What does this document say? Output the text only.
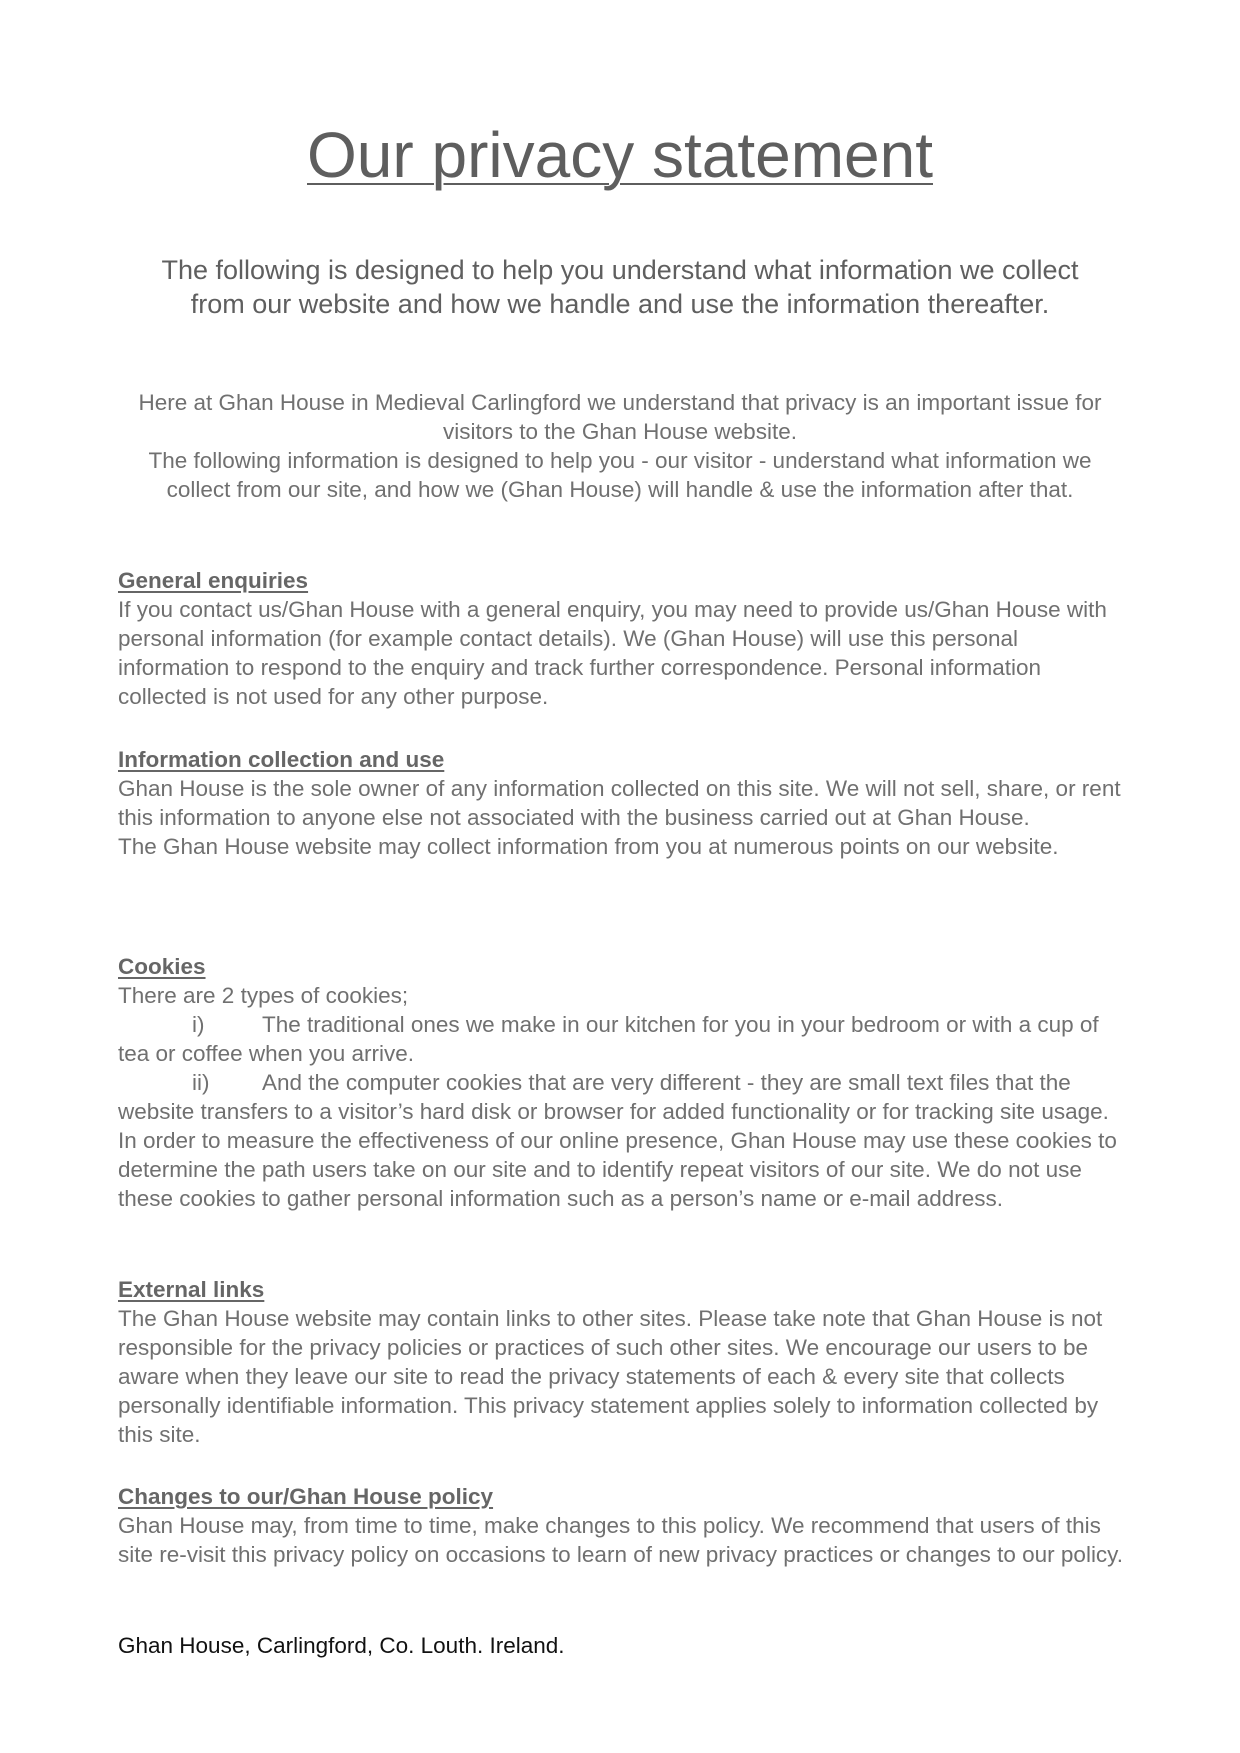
Our privacy statement

The following is designed to help you understand what information we collect from our website and how we handle and use the information thereafter.

Here at Ghan House in Medieval Carlingford we understand that privacy is an important issue for visitors to the Ghan House website.
The following information is designed to help you - our visitor - understand what information we collect from our site, and how we (Ghan House) will handle & use the information after that.

General enquiries
If you contact us/Ghan House with a general enquiry, you may need to provide us/Ghan House with personal information (for example contact details). We (Ghan House) will use this personal information to respond to the enquiry and track further correspondence. Personal information collected is not used for any other purpose.
Information collection and use
Ghan House is the sole owner of any information collected on this site. We will not sell, share, or rent this information to anyone else not associated with the business carried out at Ghan House.
The Ghan House website may collect information from you at numerous points on our website.
Cookies
There are 2 types of cookies;
i)	The traditional ones we make in our kitchen for you in your bedroom or with a cup of tea or coffee when you arrive.
ii) And the computer cookies that are very different - they are small text files that the website transfers to a visitor’s hard disk or browser for added functionality or for tracking site usage. In order to measure the effectiveness of our online presence, Ghan House may use these cookies to determine the path users take on our site and to identify repeat visitors of our site. We do not use these cookies to gather personal information such as a person’s name or e-mail address.
External links
The Ghan House website may contain links to other sites. Please take note that Ghan House is not responsible for the privacy policies or practices of such other sites. We encourage our users to be aware when they leave our site to read the privacy statements of each & every site that collects personally identifiable information. This privacy statement applies solely to information collected by this site.
Changes to our/Ghan House policy
Ghan House may, from time to time, make changes to this policy. We recommend that users of this site re-visit this privacy policy on occasions to learn of new privacy practices or changes to our policy.

Ghan House, Carlingford, Co. Louth. Ireland.
